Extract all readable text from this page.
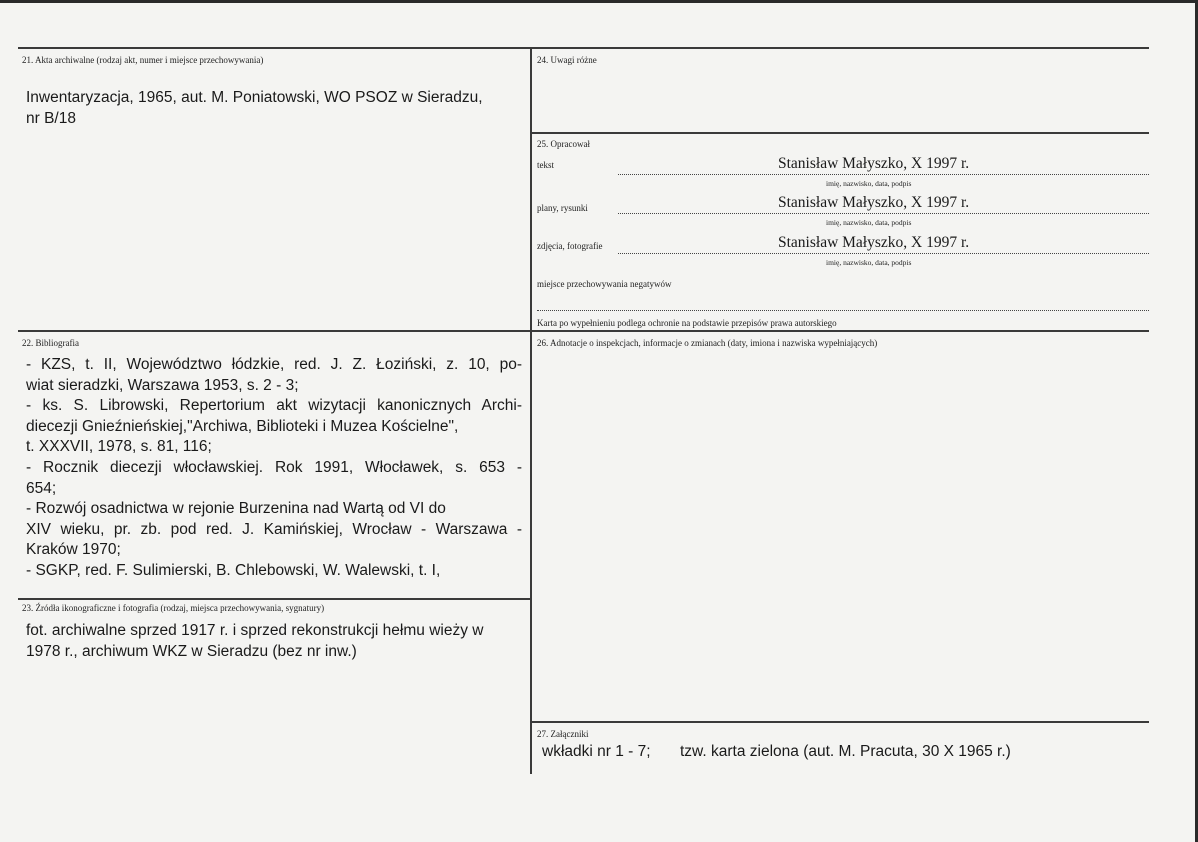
21. Akta archiwalne (rodzaj akt, numer i miejsce przechowywania)
Inwentaryzacja, 1965, aut. M. Poniatowski, WO PSOZ w Sieradzu,
nr B/18
24. Uwagi różne
25. Opracował
tekst	Stanisław Małyszko, X 1997 r.
imię, nazwisko, data, podpis
plany, rysunki	Stanisław Małyszko, X 1997 r.
imię, nazwisko, data, podpis
zdjęcia, fotografie	Stanisław Małyszko, X 1997 r.
imię, nazwisko, data, podpis
miejsce przechowywania negatywów
Karta po wypełnieniu podlega ochronie na podstawie przepisów prawa autorskiego
22. Bibliografia
- KZS, t. II, Województwo łódzkie, red. J. Z. Łoziński, z. 10, po-
wiat sieradzki, Warszawa 1953, s. 2 - 3;
- ks. S. Librowski, Repertorium akt wizytacji kanonicznych Archi-
diecezji Gnieźnieńskiej,"Archiwa, Biblioteki i Muzea Kościelne",
t. XXXVII, 1978, s. 81, 116;
- Rocznik diecezji włocławskiej. Rok 1991, Włocławek, s. 653 -
654;
- Rozwój osadnictwa w rejonie Burzenina nad Wartą od VI do
XIV wieku, pr. zb. pod red. J. Kamińskiej, Wrocław - Warszawa -
Kraków 1970;
- SGKP, red. F. Sulimierski, B. Chlebowski, W. Walewski, t. I,
23. Źródła ikonograficzne i fotografia (rodzaj, miejsca przechowywania, sygnatury)
fot. archiwalne sprzed 1917 r. i sprzed rekonstrukcji hełmu wieży w
1978 r., archiwum WKZ w Sieradzu (bez nr inw.)
26. Adnotacje o inspekcjach, informacje o zmianach (daty, imiona i nazwiska wypełniających)
27. Załączniki
wkładki nr 1 - 7; tzw. karta zielona (aut. M. Pracuta, 30 X 1965 r.)
